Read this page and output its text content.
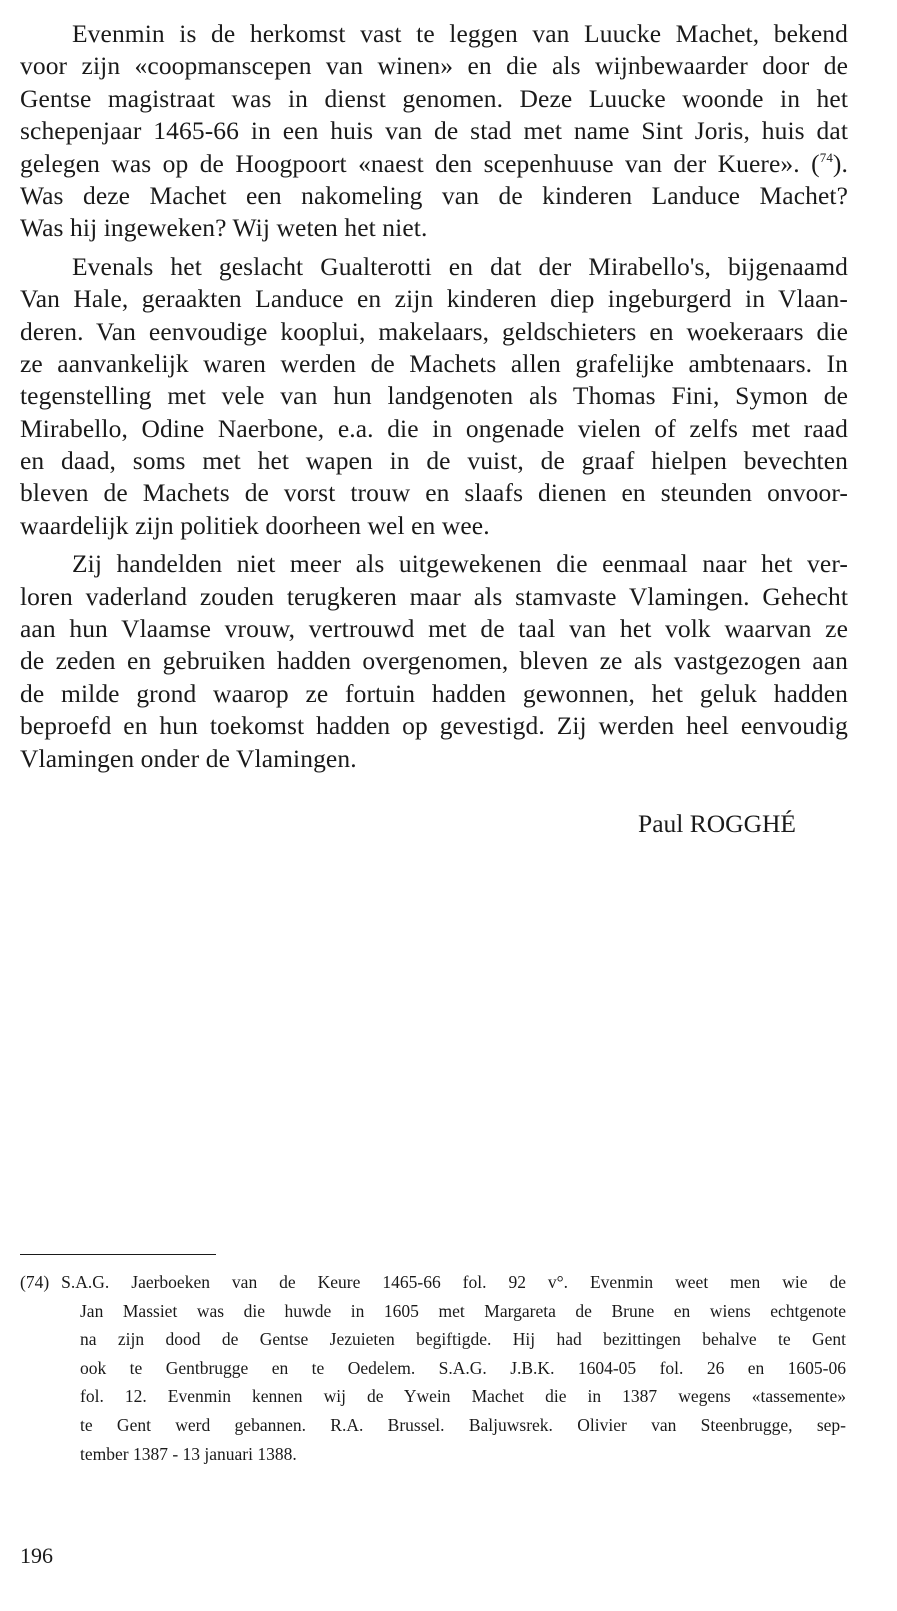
Evenmin is de herkomst vast te leggen van Luucke Machet, bekend
voor zijn «coopmanscepen van winen» en die als wijnbewaarder door de
Gentse magistraat was in dienst genomen. Deze Luucke woonde in het
schepenjaar 1465-66 in een huis van de stad met name Sint Joris, huis dat
gelegen was op de Hoogpoort «naest den scepenhuuse van der Kuere». ($^{74}$).
Was deze Machet een nakomeling van de kinderen Landuce Machet?
Was hij ingeweken? Wij weten het niet.
Evenals het geslacht Gualterotti en dat der Mirabello's, bijgenaamd
Van Hale, geraakten Landuce en zijn kinderen diep ingeburgerd in Vlaan-
deren. Van eenvoudige kooplui, makelaars, geldschieters en woekeraars die
ze aanvankelijk waren werden de Machets allen grafelijke ambtenaars. In
tegenstelling met vele van hun landgenoten als Thomas Fini, Symon de
Mirabello, Odine Naerbone, e.a. die in ongenade vielen of zelfs met raad
en daad, soms met het wapen in de vuist, de graaf hielpen bevechten
bleven de Machets de vorst trouw en slaafs dienen en steunden onvoor-
waardelijk zijn politiek doorheen wel en wee.
Zij handelden niet meer als uitgewekenen die eenmaal naar het ver-
loren vaderland zouden terugkeren maar als stamvaste Vlamingen. Gehecht
aan hun Vlaamse vrouw, vertrouwd met de taal van het volk waarvan ze
de zeden en gebruiken hadden overgenomen, bleven ze als vastgezogen aan
de milde grond waarop ze fortuin hadden gewonnen, het geluk hadden
beproefd en hun toekomst hadden op gevestigd. Zij werden heel eenvoudig
Vlamingen onder de Vlamingen.
Paul ROGGHÉ
(74) S.A.G. Jaerboeken van de Keure 1465-66 fol. 92 v°. Evenmin weet men wie de
Jan Massiet was die huwde in 1605 met Margareta de Brune en wiens echtgenote
na zijn dood de Gentse Jezuieten begiftigde. Hij had bezittingen behalve te Gent
ook te Gentbrugge en te Oedelem. S.A.G. J.B.K. 1604-05 fol. 26 en 1605-06
fol. 12. Evenmin kennen wij de Ywein Machet die in 1387 wegens «tassemente»
te Gent werd gebannen. R.A. Brussel. Baljuwsrek. Olivier van Steenbrugge, sep-
tember 1387 - 13 januari 1388.
196
